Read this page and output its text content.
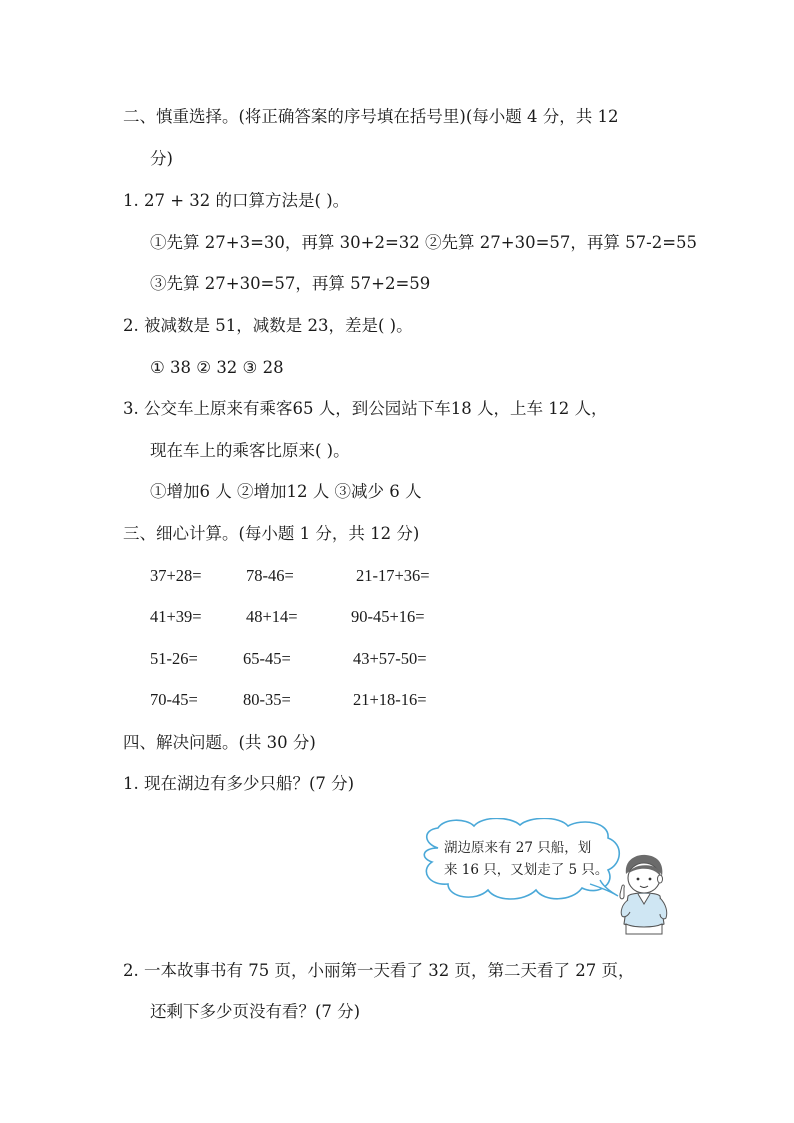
二、慎重选择。(将正确答案的序号填在括号里)(每小题 4 分，共 12
分)
1. 27 + 32 的口算方法是( )。
①先算 27+3=30，再算 30+2=32 ②先算 27+30=57，再算 57-2=55
③先算 27+30=57，再算 57+2=59
2. 被减数是 51，减数是 23，差是( )。
① 38 ② 32 ③ 28
3. 公交车上原来有乘客65 人，到公园站下车18 人，上车 12 人，
现在车上的乘客比原来( )。
①增加6 人 ②增加12 人 ③减少 6 人
三、细心计算。(每小题 1 分，共 12 分)
37+28=	78-46=	21-17+36=
41+39=	48+14=	90-45+16=
51-26=	65-45=	43+57-50=
70-45=	80-35=	21+18-16=
四、解决问题。(共 30 分)
1. 现在湖边有多少只船？(7 分)
湖边原来有 27 只船，划
来 16 只，又划走了 5 只。
2. 一本故事书有 75 页，小丽第一天看了 32 页，第二天看了 27 页，
还剩下多少页没有看？(7 分)
